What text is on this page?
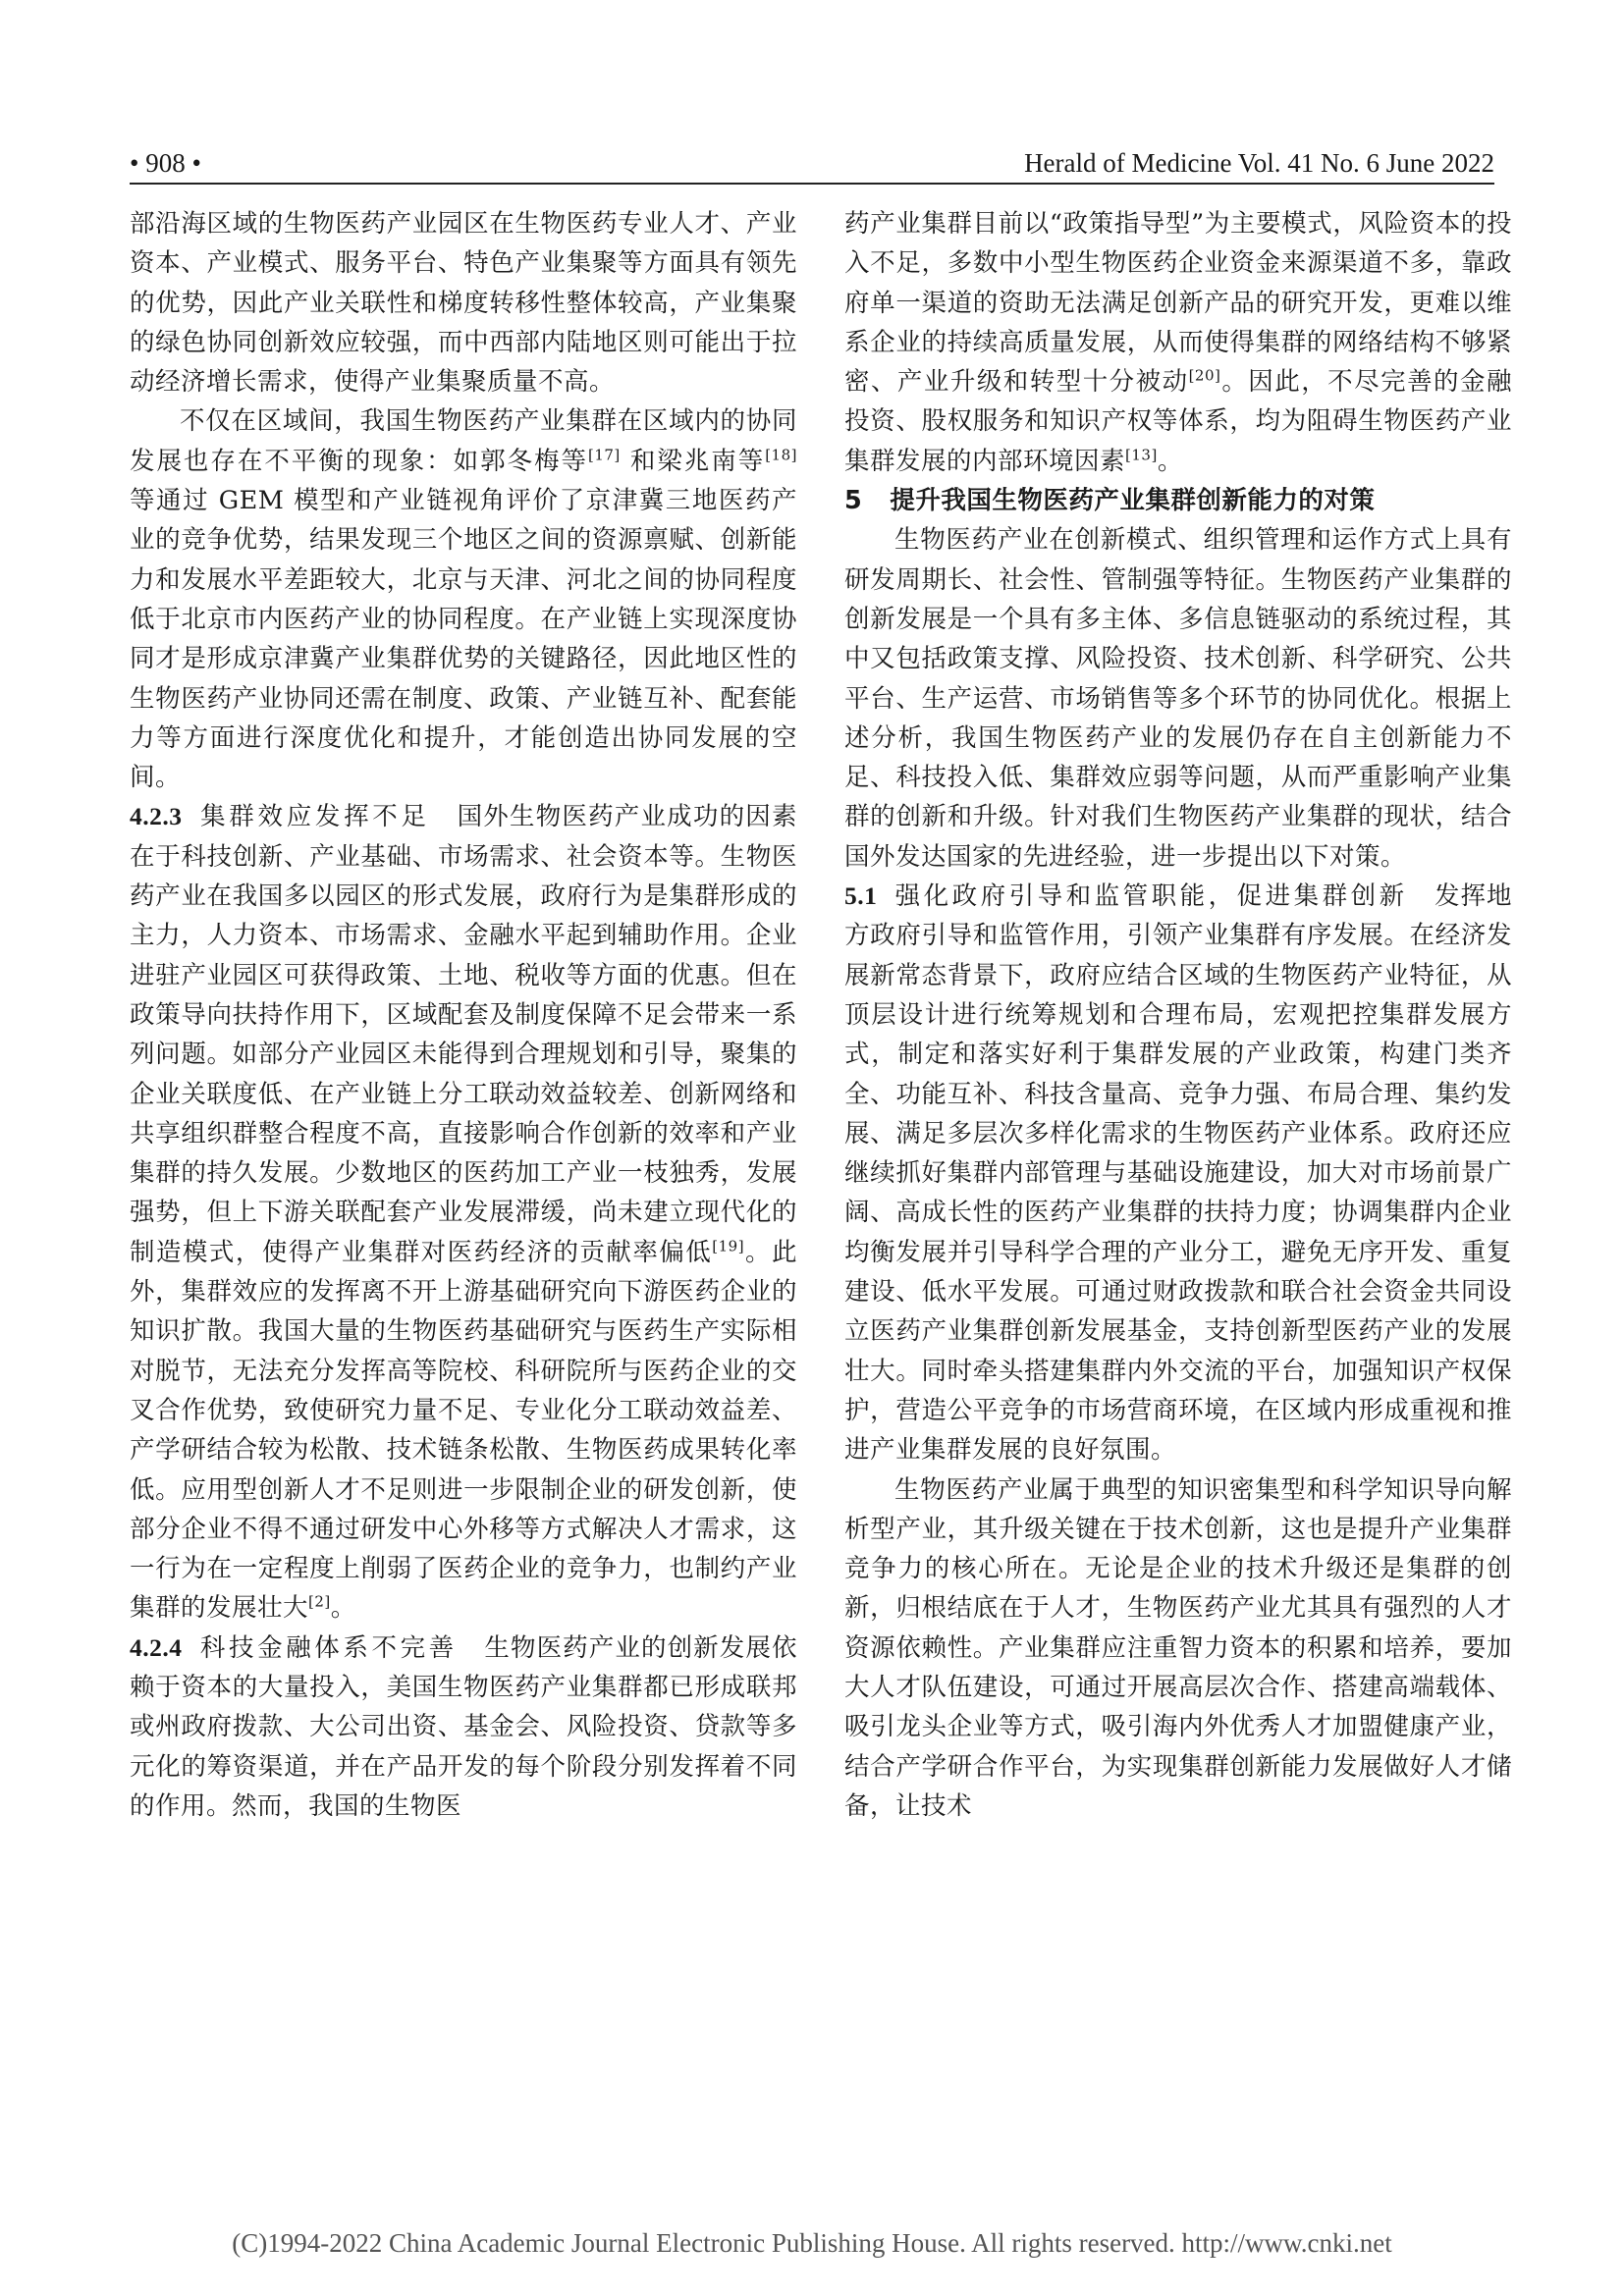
• 908 •	Herald of Medicine Vol. 41 No. 6 June 2022

部沿海区域的生物医药产业园区在生物医药专业人才、产业资本、产业模式、服务平台、特色产业集聚等方面具有领先的优势，因此产业关联性和梯度转移性整体较高，产业集聚的绿色协同创新效应较强，而中西部内陆地区则可能出于拉动经济增长需求，使得产业集聚质量不高。

不仅在区域间，我国生物医药产业集群在区域内的协同发展也存在不平衡的现象：如郭冬梅等[17] 和梁兆南等[18] 等通过 GEM 模型和产业链视角评价了京津冀三地医药产业的竞争优势，结果发现三个地区之间的资源禀赋、创新能力和发展水平差距较大，北京与天津、河北之间的协同程度低于北京市内医药产业的协同程度。在产业链上实现深度协同才是形成京津冀产业集群优势的关键路径，因此地区性的生物医药产业协同还需在制度、政策、产业链互补、配套能力等方面进行深度优化和提升，才能创造出协同发展的空间。

4.2.3 集群效应发挥不足 国外生物医药产业成功的因素在于科技创新、产业基础、市场需求、社会资本等。生物医药产业在我国多以园区的形式发展，政府行为是集群形成的主力，人力资本、市场需求、金融水平起到辅助作用。企业进驻产业园区可获得政策、土地、税收等方面的优惠。但在政策导向扶持作用下，区域配套及制度保障不足会带来一系列问题。如部分产业园区未能得到合理规划和引导，聚集的企业关联度低、在产业链上分工联动效益较差、创新网络和共享组织群整合程度不高，直接影响合作创新的效率和产业集群的持久发展。少数地区的医药加工产业一枝独秀，发展强势，但上下游关联配套产业发展滞缓，尚未建立现代化的制造模式，使得产业集群对医药经济的贡献率偏低[19]。此外，集群效应的发挥离不开上游基础研究向下游医药企业的知识扩散。我国大量的生物医药基础研究与医药生产实际相对脱节，无法充分发挥高等院校、科研院所与医药企业的交叉合作优势，致使研究力量不足、专业化分工联动效益差、产学研结合较为松散、技术链条松散、生物医药成果转化率低。应用型创新人才不足则进一步限制企业的研发创新，使部分企业不得不通过研发中心外移等方式解决人才需求，这一行为在一定程度上削弱了医药企业的竞争力，也制约产业集群的发展壮大[2]。

4.2.4 科技金融体系不完善 生物医药产业的创新发展依赖于资本的大量投入，美国生物医药产业集群都已形成联邦或州政府拨款、大公司出资、基金会、风险投资、贷款等多元化的筹资渠道，并在产品开发的每个阶段分别发挥着不同的作用。然而，我国的生物医

药产业集群目前以“政策指导型”为主要模式，风险资本的投入不足，多数中小型生物医药企业资金来源渠道不多，靠政府单一渠道的资助无法满足创新产品的研究开发，更难以维系企业的持续高质量发展，从而使得集群的网络结构不够紧密、产业升级和转型十分被动[20]。因此，不尽完善的金融投资、股权服务和知识产权等体系，均为阻碍生物医药产业集群发展的内部环境因素[13]。

5 提升我国生物医药产业集群创新能力的对策

生物医药产业在创新模式、组织管理和运作方式上具有研发周期长、社会性、管制强等特征。生物医药产业集群的创新发展是一个具有多主体、多信息链驱动的系统过程，其中又包括政策支撑、风险投资、技术创新、科学研究、公共平台、生产运营、市场销售等多个环节的协同优化。根据上述分析，我国生物医药产业的发展仍存在自主创新能力不足、科技投入低、集群效应弱等问题，从而严重影响产业集群的创新和升级。针对我们生物医药产业集群的现状，结合国外发达国家的先进经验，进一步提出以下对策。

5.1 强化政府引导和监管职能，促进集群创新 发挥地方政府引导和监管作用，引领产业集群有序发展。在经济发展新常态背景下，政府应结合区域的生物医药产业特征，从顶层设计进行统筹规划和合理布局，宏观把控集群发展方式，制定和落实好利于集群发展的产业政策，构建门类齐全、功能互补、科技含量高、竞争力强、布局合理、集约发展、满足多层次多样化需求的生物医药产业体系。政府还应继续抓好集群内部管理与基础设施建设，加大对市场前景广阔、高成长性的医药产业集群的扶持力度；协调集群内企业均衡发展并引导科学合理的产业分工，避免无序开发、重复建设、低水平发展。可通过财政拨款和联合社会资金共同设立医药产业集群创新发展基金，支持创新型医药产业的发展壮大。同时牵头搭建集群内外交流的平台，加强知识产权保护，营造公平竞争的市场营商环境，在区域内形成重视和推进产业集群发展的良好氛围。

生物医药产业属于典型的知识密集型和科学知识导向解析型产业，其升级关键在于技术创新，这也是提升产业集群竞争力的核心所在。无论是企业的技术升级还是集群的创新，归根结底在于人才，生物医药产业尤其具有强烈的人才资源依赖性。产业集群应注重智力资本的积累和培养，要加大人才队伍建设，可通过开展高层次合作、搭建高端载体、吸引龙头企业等方式，吸引海内外优秀人才加盟健康产业，结合产学研合作平台，为实现集群创新能力发展做好人才储备，让技术

(C)1994-2022 China Academic Journal Electronic Publishing House. All rights reserved. http://www.cnki.net
